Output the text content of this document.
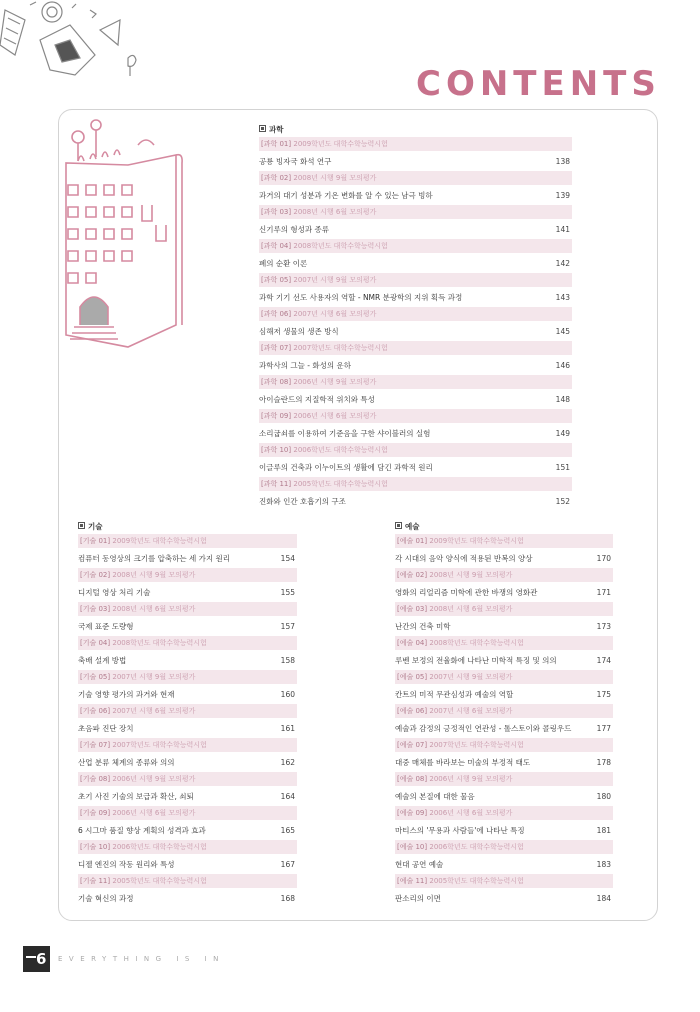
CONTENTS
과학
[과학 01] 2009학년도 대학수학능력시험
공룡 빙자국 화석 연구	138
[과학 02] 2008년 시행 9월 모의평가
과거의 대기 성분과 기온 변화를 알 수 있는 남극 빙하	139
[과학 03] 2008년 시행 6월 모의평가
신기루의 형성과 종류	141
[과학 04] 2008학년도 대학수학능력시험
폐의 순환 이론	142
[과학 05] 2007년 시행 9월 모의평가
과학 기기 선도 사용자의 역할 - NMR 분광학의 지위 획득 과정	143
[과학 06] 2007년 시행 6월 모의평가
심해저 생물의 생존 방식	145
[과학 07] 2007학년도 대학수학능력시험
과학사의 그늘 - 화성의 운하	146
[과학 08] 2006년 시행 9월 모의평가
아이슬란드의 지질학적 위치와 특성	148
[과학 09] 2006년 시행 6월 모의평가
소리굽쇠를 이용하여 기준음을 구한 샤이블러의 실험	149
[과학 10] 2006학년도 대학수학능력시험
이글루의 건축과 이누이트의 생활에 담긴 과학적 원리	151
[과학 11] 2005학년도 대학수학능력시험
진화와 인간 호흡기의 구조	152
기술
[기술 01] 2009학년도 대학수학능력시험
컴퓨터 동영상의 크기를 압축하는 세 가지 원리	154
[기술 02] 2008년 시행 9월 모의평가
디지털 영상 처리 기술	155
[기술 03] 2008년 시행 6월 모의평가
국제 표준 도량형	157
[기술 04] 2008학년도 대학수학능력시험
축배 설계 방법	158
[기술 05] 2007년 시행 9월 모의평가
기술 영향 평가의 과거와 현재	160
[기술 06] 2007년 시행 6월 모의평가
초음파 진단 장치	161
[기술 07] 2007학년도 대학수학능력시험
산업 분류 체계의 종류와 의의	162
[기술 08] 2006년 시행 9월 모의평가
초기 사진 기술의 보급과 확산, 쇠퇴	164
[기술 09] 2006년 시행 6월 모의평가
6 시그마 품질 향상 계획의 성격과 효과	165
[기술 10] 2006학년도 대학수학능력시험
디젤 엔진의 작동 원리와 특성	167
[기술 11] 2005학년도 대학수학능력시험
기술 혁신의 과정	168
예술
[예술 01] 2009학년도 대학수학능력시험
각 시대의 음악 양식에 적용된 반복의 양상	170
[예술 02] 2008년 시행 9월 모의평가
영화의 리얼리즘 미학에 관한 바쟁의 영화관	171
[예술 03] 2008년 시행 6월 모의평가
난간의 건축 미학	173
[예술 04] 2008학년도 대학수학능력시험
루벤 보정의 전율화에 나타난 미학적 특징 및 의의	174
[예술 05] 2007년 시행 9월 모의평가
칸트의 미적 무관심성과 예술의 역할	175
[예술 06] 2007년 시행 6월 모의평가
예술과 감정의 긍정적인 연관성 - 톨스토이와 콜링우드	177
[예술 07] 2007학년도 대학수학능력시험
대중 매체를 바라보는 미술의 부정적 태도	178
[예술 08] 2006년 시행 9월 모의평가
예술의 본질에 대한 물음	180
[예술 09] 2006년 시행 6월 모의평가
마티스의 '무용과 사람들'에 나타난 특징	181
[예술 10] 2006학년도 대학수학능력시험
현대 공연 예술	183
[예술 11] 2005학년도 대학수학능력시험
판소리의 이면	184
6 EVERYTHING IS IN
